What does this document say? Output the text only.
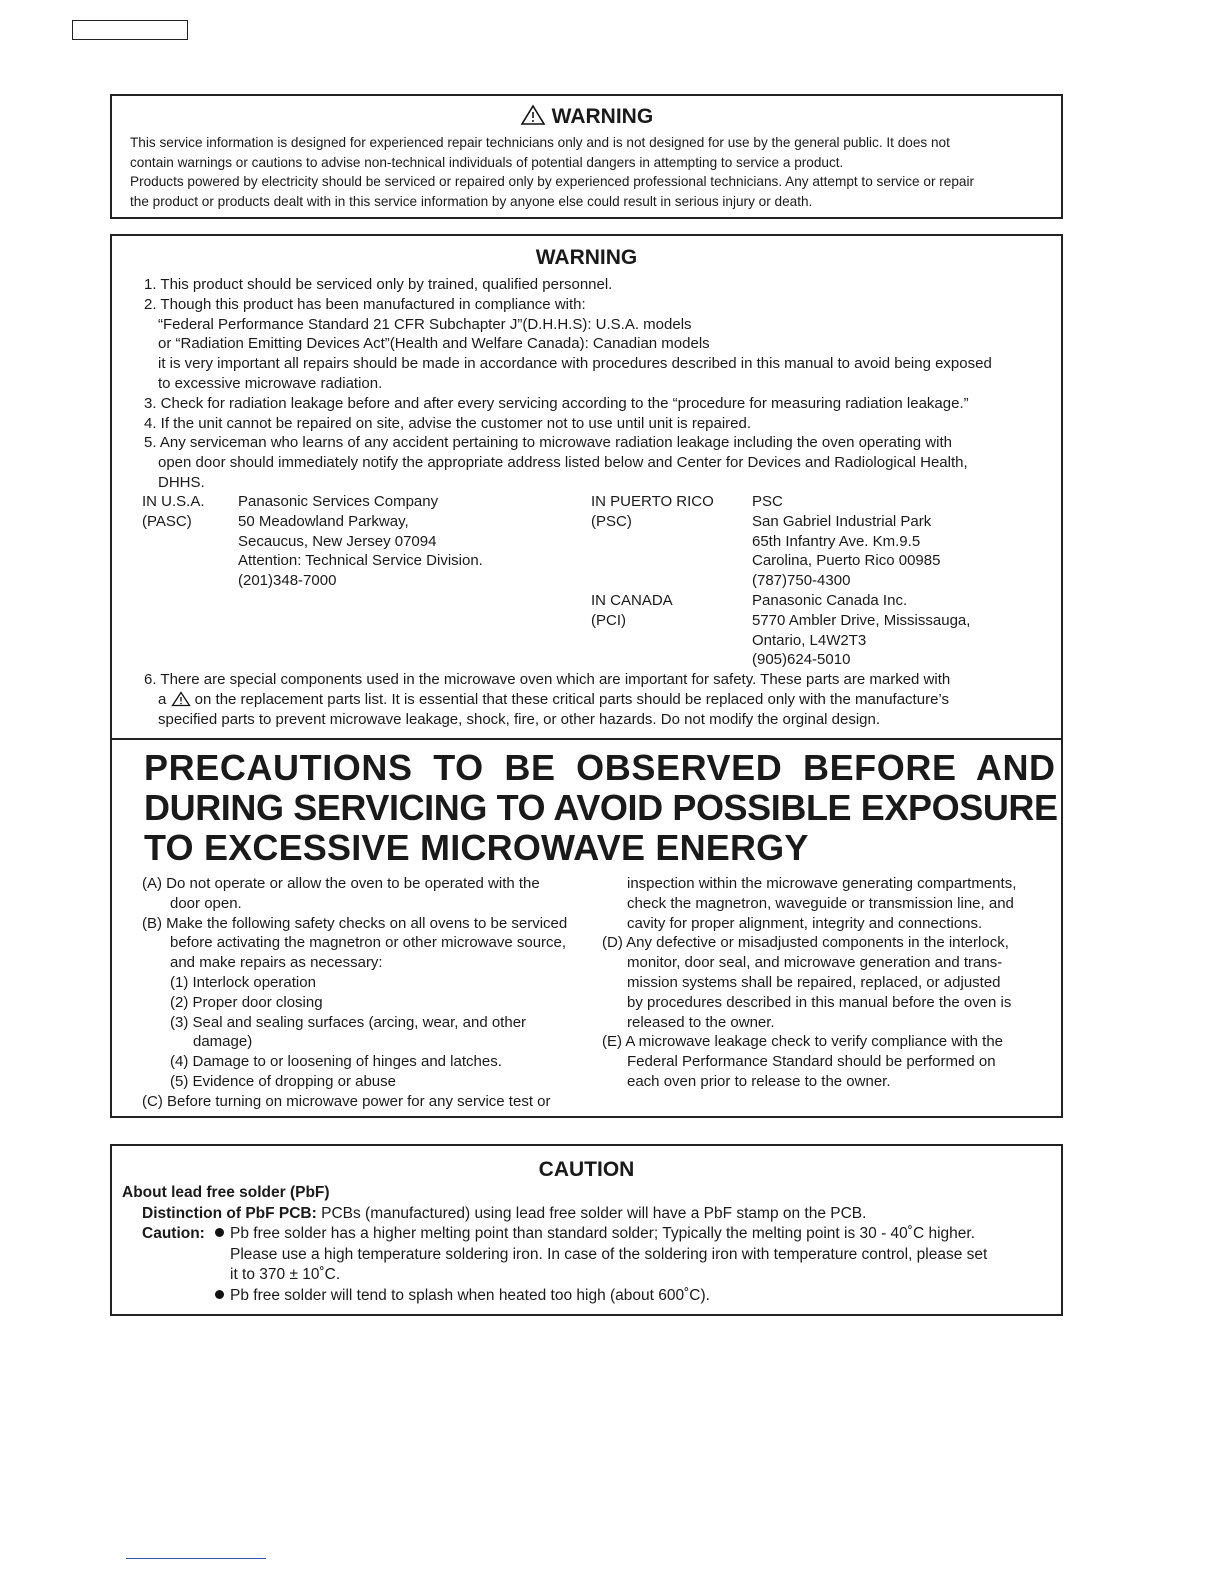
WARNING
This service information is designed for experienced repair technicians only and is not designed for use by the general public. It does not
contain warnings or cautions to advise non-technical individuals of potential dangers in attempting to service a product.
Products powered by electricity should be serviced or repaired only by experienced professional technicians. Any attempt to service or repair
the product or products dealt with in this service information by anyone else could result in serious injury or death.
WARNING
1. This product should be serviced only by trained, qualified personnel.
2. Though this product has been manufactured in compliance with:
“Federal Performance Standard 21 CFR Subchapter J”(D.H.H.S): U.S.A. models
or “Radiation Emitting Devices Act”(Health and Welfare Canada): Canadian models
it is very important all repairs should be made in accordance with procedures described in this manual to avoid being exposed
to excessive microwave radiation.
3. Check for radiation leakage before and after every servicing according to the “procedure for measuring radiation leakage.”
4. If the unit cannot be repaired on site, advise the customer not to use until unit is repaired.
5. Any serviceman who learns of any accident pertaining to microwave radiation leakage including the oven operating with
open door should immediately notify the appropriate address listed below and Center for Devices and Radiological Health,
DHHS.
IN U.S.A.
(PASC)
Panasonic Services Company
50 Meadowland Parkway,
Secaucus, New Jersey 07094
Attention: Technical Service Division.
(201)348-7000
IN PUERTO RICO
(PSC)
PSC
San Gabriel Industrial Park
65th Infantry Ave. Km.9.5
Carolina, Puerto Rico 00985
(787)750-4300
IN CANADA
(PCI)
Panasonic Canada Inc.
5770 Ambler Drive, Mississauga,
Ontario, L4W2T3
(905)624-5010
6. There are special components used in the microwave oven which are important for safety. These parts are marked with
a  on the replacement parts list. It is essential that these critical parts should be replaced only with the manufacture’s
specified parts to prevent microwave leakage, shock, fire, or other hazards. Do not modify the orginal design.
PRECAUTIONS TO BE OBSERVED BEFORE AND
DURING SERVICING TO AVOID POSSIBLE EXPOSURE
TO EXCESSIVE MICROWAVE ENERGY
(A) Do not operate or allow the oven to be operated with the
door open.
(B) Make the following safety checks on all ovens to be serviced
before activating the magnetron or other microwave source,
and make repairs as necessary:
(1) Interlock operation
(2) Proper door closing
(3) Seal and sealing surfaces (arcing, wear, and other
damage)
(4) Damage to or loosening of hinges and latches.
(5) Evidence of dropping or abuse
(C) Before turning on microwave power for any service test or
inspection within the microwave generating compartments,
check the magnetron, waveguide or transmission line, and
cavity for proper alignment, integrity and connections.
(D) Any defective or misadjusted components in the interlock,
monitor, door seal, and microwave generation and trans-
mission systems shall be repaired, replaced, or adjusted
by procedures described in this manual before the oven is
released to the owner.
(E) A microwave leakage check to verify compliance with the
Federal Performance Standard should be performed on
each oven prior to release to the owner.
CAUTION
About lead free solder (PbF)
Distinction of PbF PCB: PCBs (manufactured) using lead free solder will have a PbF stamp on the PCB.
Caution: Pb free solder has a higher melting point than standard solder; Typically the melting point is 30 - 40˚C higher.
Please use a high temperature soldering iron. In case of the soldering iron with temperature control, please set
it to 370 ± 10˚C.
Pb free solder will tend to splash when heated too high (about 600˚C).
